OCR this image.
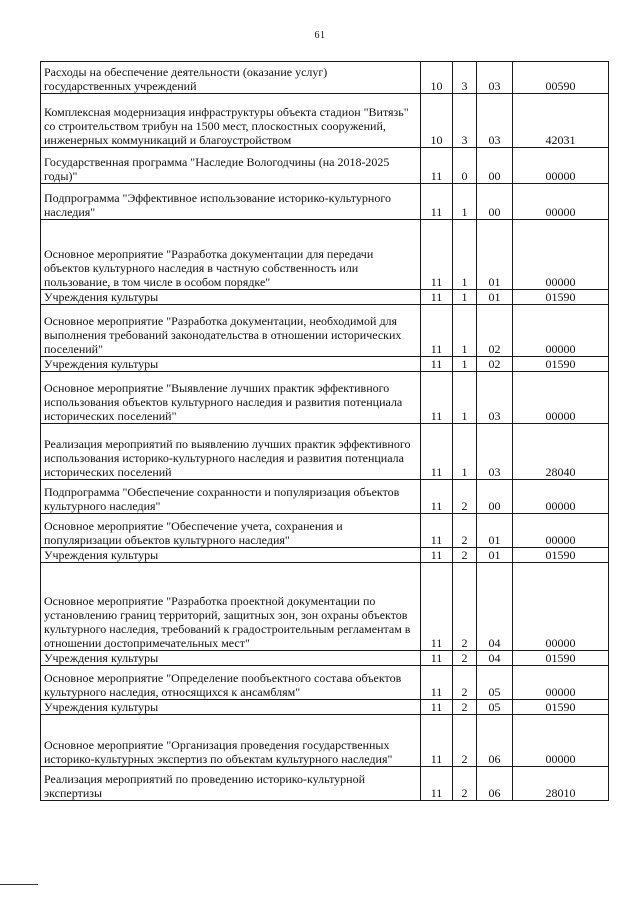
61
Расходы на обеспечение деятельности (оказание услуг) государственных учреждений	10	3	03	00590
Комплексная модернизация инфраструктуры объекта стадион "Витязь" со строительством трибун на 1500 мест, плоскостных сооружений, инженерных коммуникаций и благоустройством	10	3	03	42031
Государственная программа "Наследие Вологодчины (на 2018-2025 годы)"	11	0	00	00000
Подпрограмма "Эффективное использование историко-культурного наследия"	11	1	00	00000
Основное мероприятие "Разработка документации для передачи объектов культурного наследия в частную собственность или пользование, в том числе в особом порядке"	11	1	01	00000
Учреждения культуры	11	1	01	01590
Основное мероприятие "Разработка документации, необходимой для выполнения требований законодательства в отношении исторических поселений"	11	1	02	00000
Учреждения культуры	11	1	02	01590
Основное мероприятие "Выявление лучших практик эффективного использования объектов культурного наследия и развития потенциала исторических поселений"	11	1	03	00000
Реализация мероприятий по выявлению лучших практик эффективного использования историко-культурного наследия и развития потенциала исторических поселений	11	1	03	28040
Подпрограмма "Обеспечение сохранности и популяризация объектов культурного наследия"	11	2	00	00000
Основное мероприятие "Обеспечение учета, сохранения и популяризации объектов культурного наследия"	11	2	01	00000
Учреждения культуры	11	2	01	01590
Основное мероприятие "Разработка проектной документации по установлению границ территорий, защитных зон, зон охраны объектов культурного наследия, требований к градостроительным регламентам в отношении достопримечательных мест"	11	2	04	00000
Учреждения культуры	11	2	04	01590
Основное мероприятие "Определение пообъектного состава объектов культурного наследия, относящихся к ансамблям"	11	2	05	00000
Учреждения культуры	11	2	05	01590
Основное мероприятие "Организация проведения государственных историко-культурных экспертиз по объектам культурного наследия"	11	2	06	00000
Реализация мероприятий по проведению историко-культурной экспертизы	11	2	06	28010
